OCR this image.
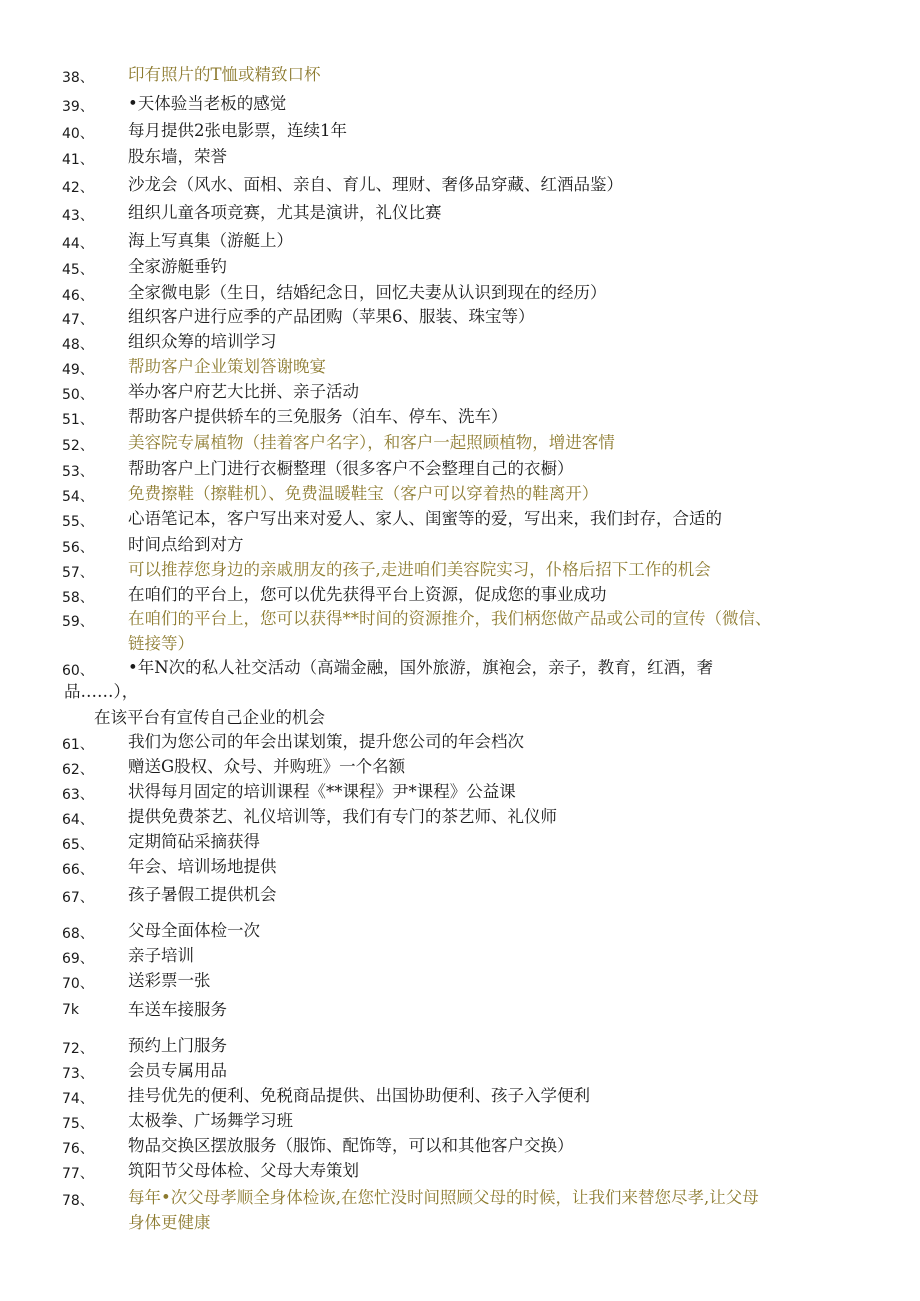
38、 印有照片的T恤或精致口杯
39、 •天体验当老板的感觉
40、 每月提供2张电影票，连续1年
41、 股东墙，荣誉
42、 沙龙会（风水、面相、亲自、育儿、理财、奢侈品穿藏、红酒品鉴）
43、 组织儿童各项竞赛，尤其是演讲，礼仪比赛
44、 海上写真集（游艇上）
45、 全家游艇垂钓
46、 全家微电影（生日，结婚纪念日，回忆夫妻从认识到现在的经历）
47、 组织客户进行应季的产品团购（苹果6、服装、珠宝等）
48、 组织众筹的培训学习
49、 帮助客户企业策划答谢晚宴
50、 举办客户府艺大比拼、亲子活动
51、 帮助客户提供轿车的三免服务（泊车、停车、洗车）
52、 美容院专属植物（挂着客户名字），和客户一起照顾植物，增进客情
53、 帮助客户上门进行衣橱整理（很多客户不会整理自己的衣橱）
54、 免费擦鞋（擦鞋机）、免费温暖鞋宝（客户可以穿着热的鞋离开）
55、 心语笔记本，客户写出来对爱人、家人、闺蜜等的爱，写出来，我们封存，合适的
56、 时间点给到对方
57、 可以推荐您身边的亲戚朋友的孩子,走进咱们美容院实习，仆格后招下工作的机会
58、 在咱们的平台上，您可以优先获得平台上资源，促成您的事业成功
59、 在咱们的平台上，您可以获得**时间的资源推介，我们柄您做产品或公司的宣传（微信、
链接等）
60、 •年N次的私人社交活动（高端金融，国外旅游，旗袍会，亲子，教育，红酒，奢
品……），
在该平台有宣传自己企业的机会
61、 我们为您公司的年会出谋划策，提升您公司的年会档次
62、 赠送G股权、众号、并购班》一个名额
63、 状得每月固定的培训课程《**课程》尹*课程》公益课
64、 提供免费茶艺、礼仪培训等，我们有专门的茶艺师、礼仪师
65、 定期简砧采摘获得
66、 年会、培训场地提供
67、 孩子暑假工提供机会
68、 父母全面体检一次
69、 亲子培训
70、 送彩票一张
7k	车送车接服务
72、 预约上门服务
73、 会员专属用品
74、 挂号优先的便利、免税商品提供、出国协助便利、孩子入学便利
75、 太极拳、广场舞学习班
76、 物品交换区摆放服务（服饰、配饰等，可以和其他客户交换）
77、 筑阳节父母体检、父母大寿策划
78、 每年•次父母孝顺全身体检诙,在您忙没时间照顾父母的时候，让我们来替您尽孝,让父母
身体更健康
